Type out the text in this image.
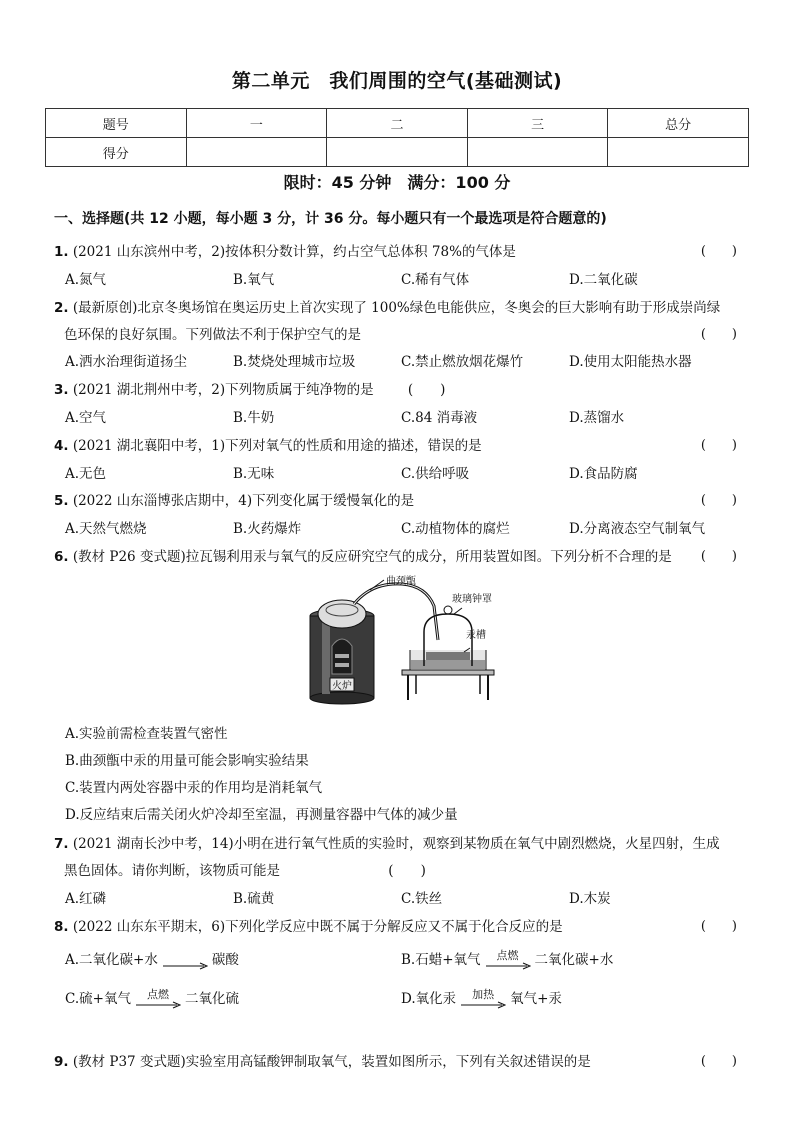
第二单元　我们周围的空气(基础测试)
题号	一	二	三	总分
得分				
限时：45 分钟　满分：100 分
一、选择题(共 12 小题，每小题 3 分，计 36 分。每小题只有一个最选项是符合题意的)
1. (2021 山东滨州中考，2)按体积分数计算，约占空气总体积 78%的气体是	(　　)
A.氮气	B.氧气	C.稀有气体	D.二氧化碳
2. (最新原创)北京冬奥场馆在奥运历史上首次实现了 100%绿色电能供应，冬奥会的巨大影响有助于形成崇尚绿
色环保的良好氛围。下列做法不利于保护空气的是	(　　)
A.洒水治理街道扬尘	B.焚烧处理城市垃圾	C.禁止燃放烟花爆竹	D.使用太阳能热水器
3. (2021 湖北荆州中考，2)下列物质属于纯净物的是	(　　)
A.空气	B.牛奶	C.84 消毒液	D.蒸馏水
4. (2021 湖北襄阳中考，1)下列对氧气的性质和用途的描述，错误的是	(　　)
A.无色	B.无味	C.供给呼吸	D.食品防腐
5. (2022 山东淄博张店期中，4)下列变化属于缓慢氧化的是	(　　)
A.天然气燃烧	B.火药爆炸	C.动植物体的腐烂	D.分离液态空气制氧气
6. (教材 P26 变式题)拉瓦锡利用汞与氧气的反应研究空气的成分，所用装置如图。下列分析不合理的是 (　　)
火炉
曲颈甑
玻璃钟罩
汞槽
A.实验前需检查装置气密性
B.曲颈甑中汞的用量可能会影响实验结果
C.装置内两处容器中汞的作用均是消耗氧气
D.反应结束后需关闭火炉冷却至室温，再测量容器中气体的减少量
7. (2021 湖南长沙中考，14)小明在进行氧气性质的实验时，观察到某物质在氧气中剧烈燃烧，火星四射，生成
黑色固体。请你判断，该物质可能是	(　　)
A.红磷	B.硫黄	C.铁丝	D.木炭
8. (2022 山东东平期末，6)下列化学反应中既不属于分解反应又不属于化合反应的是	(　　)
A.二氧化碳+水 → 碳酸	B.石蜡+氧气	点燃	二氧化碳+水
C.硫+氧气	点燃	二氧化硫	D.氧化汞	加热	氧气+汞
9. (教材 P37 变式题)实验室用高锰酸钾制取氧气，装置如图所示，下列有关叙述错误的是	(　　)
